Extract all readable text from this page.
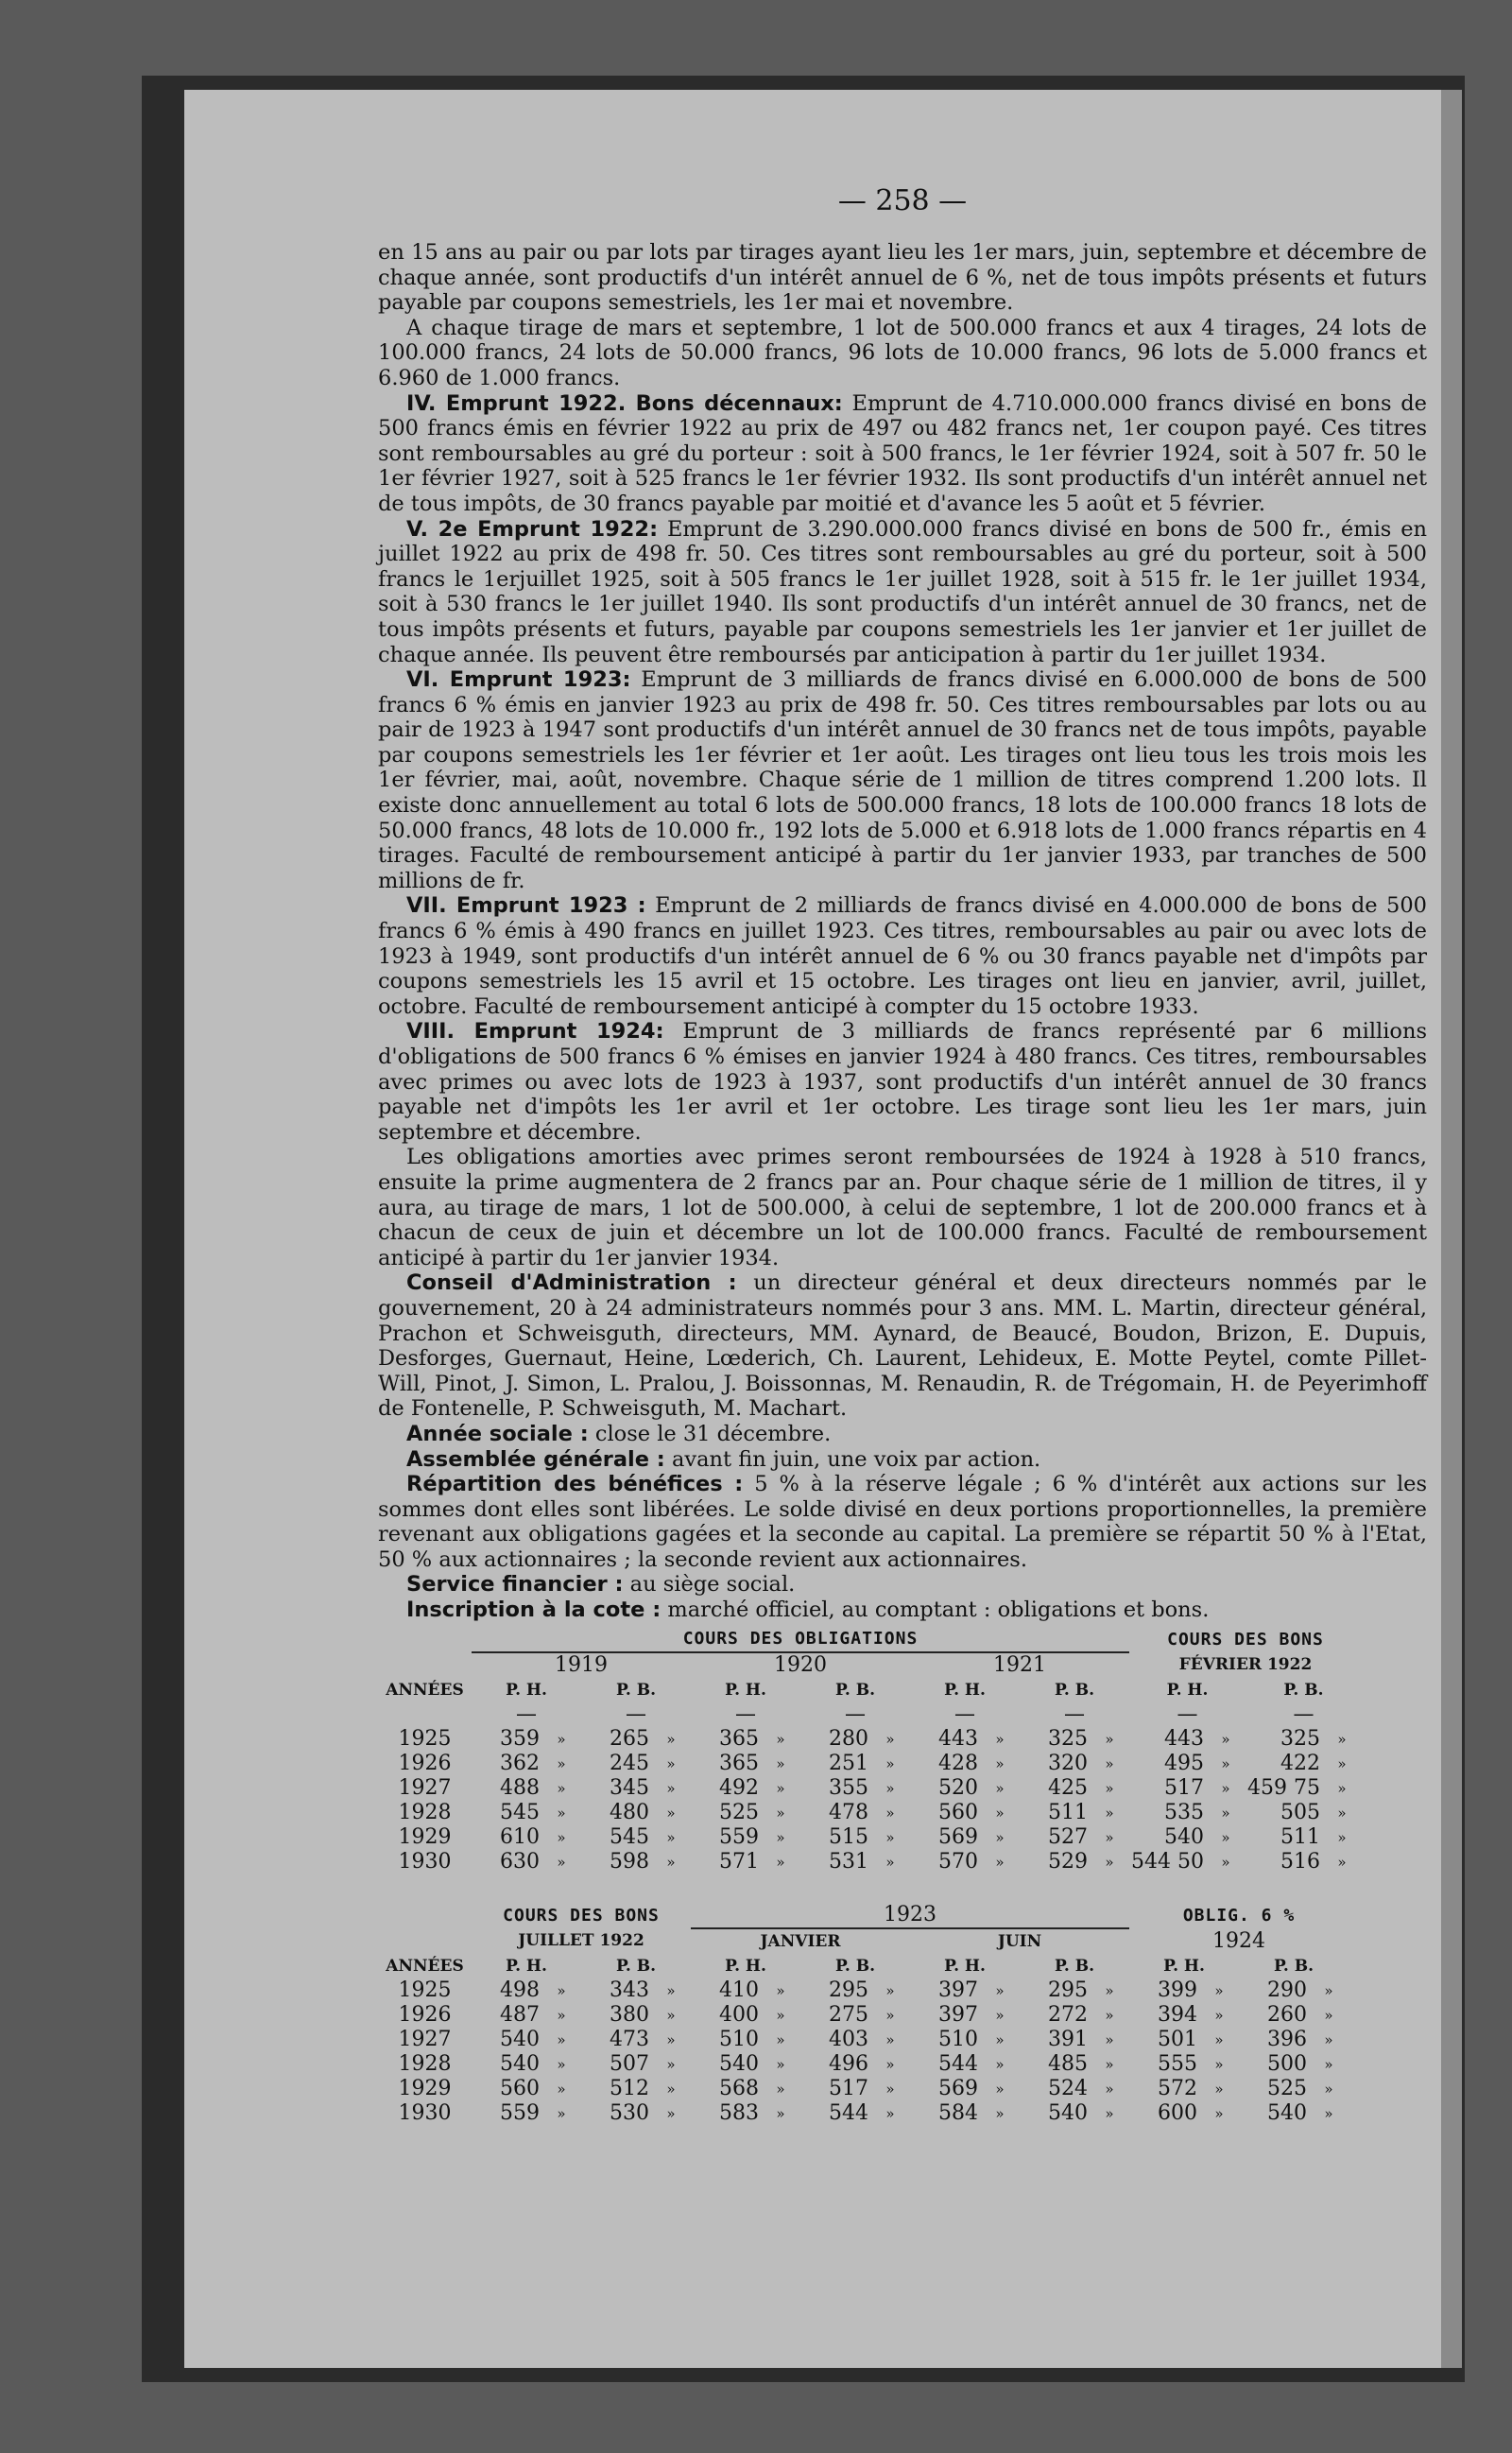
— 258 —

en 15 ans au pair ou par lots par tirages ayant lieu les 1er mars, juin, septembre et décembre de chaque année, sont productifs d'un intérêt annuel de 6 %, net de tous impôts présents et futurs payable par coupons semestriels, les 1er mai et novembre.

A chaque tirage de mars et septembre, 1 lot de 500.000 francs et aux 4 tirages, 24 lots de 100.000 francs, 24 lots de 50.000 francs, 96 lots de 10.000 francs, 96 lots de 5.000 francs et 6.960 de 1.000 francs.

IV. Emprunt 1922. Bons décennaux: Emprunt de 4.710.000.000 francs divisé en bons de 500 francs émis en février 1922 au prix de 497 ou 482 francs net, 1er coupon payé. Ces titres sont remboursables au gré du porteur : soit à 500 francs, le 1er février 1924, soit à 507 fr. 50 le 1er février 1927, soit à 525 francs le 1er février 1932. Ils sont productifs d'un intérêt annuel net de tous impôts, de 30 francs payable par moitié et d'avance les 5 août et 5 février.

V. 2e Emprunt 1922: Emprunt de 3.290.000.000 francs divisé en bons de 500 fr., émis en juillet 1922 au prix de 498 fr. 50. Ces titres sont remboursables au gré du porteur, soit à 500 francs le 1erjuillet 1925, soit à 505 francs le 1er juillet 1928, soit à 515 fr. le 1er juillet 1934, soit à 530 francs le 1er juillet 1940. Ils sont productifs d'un intérêt annuel de 30 francs, net de tous impôts présents et futurs, payable par coupons semestriels les 1er janvier et 1er juillet de chaque année. Ils peuvent être remboursés par anticipation à partir du 1er juillet 1934.

VI. Emprunt 1923: Emprunt de 3 milliards de francs divisé en 6.000.000 de bons de 500 francs 6 % émis en janvier 1923 au prix de 498 fr. 50. Ces titres remboursables par lots ou au pair de 1923 à 1947 sont productifs d'un intérêt annuel de 30 francs net de tous impôts, payable par coupons semestriels les 1er février et 1er août. Les tirages ont lieu tous les trois mois les 1er février, mai, août, novembre. Chaque série de 1 million de titres comprend 1.200 lots. Il existe donc annuellement au total 6 lots de 500.000 francs, 18 lots de 100.000 francs 18 lots de 50.000 francs, 48 lots de 10.000 fr., 192 lots de 5.000 et 6.918 lots de 1.000 francs répartis en 4 tirages. Faculté de remboursement anticipé à partir du 1er janvier 1933, par tranches de 500 millions de fr.

VII. Emprunt 1923 : Emprunt de 2 milliards de francs divisé en 4.000.000 de bons de 500 francs 6 % émis à 490 francs en juillet 1923. Ces titres, remboursables au pair ou avec lots de 1923 à 1949, sont productifs d'un intérêt annuel de 6 % ou 30 francs payable net d'impôts par coupons semestriels les 15 avril et 15 octobre. Les tirages ont lieu en janvier, avril, juillet, octobre. Faculté de remboursement anticipé à compter du 15 octobre 1933.

VIII. Emprunt 1924: Emprunt de 3 milliards de francs représenté par 6 millions d'obligations de 500 francs 6 % émises en janvier 1924 à 480 francs. Ces titres, remboursables avec primes ou avec lots de 1923 à 1937, sont productifs d'un intérêt annuel de 30 francs payable net d'impôts les 1er avril et 1er octobre. Les tirage sont lieu les 1er mars, juin septembre et décembre.

Les obligations amorties avec primes seront remboursées de 1924 à 1928 à 510 francs, ensuite la prime augmentera de 2 francs par an. Pour chaque série de 1 million de titres, il y aura, au tirage de mars, 1 lot de 500.000, à celui de septembre, 1 lot de 200.000 francs et à chacun de ceux de juin et décembre un lot de 100.000 francs. Faculté de remboursement anticipé à partir du 1er janvier 1934.

Conseil d'Administration : un directeur général et deux directeurs nommés par le gouvernement, 20 à 24 administrateurs nommés pour 3 ans. MM. L. Martin, directeur général, Prachon et Schweisguth, directeurs, MM. Aynard, de Beaucé, Boudon, Brizon, E. Dupuis, Desforges, Guernaut, Heine, Lœderich, Ch. Laurent, Lehideux, E. Motte Peytel, comte Pillet-Will, Pinot, J. Simon, L. Pralou, J. Boissonnas, M. Renaudin, R. de Trégomain, H. de Peyerimhoff de Fontenelle, P. Schweisguth, M. Machart.

Année sociale : close le 31 décembre.

Assemblée générale : avant fin juin, une voix par action.

Répartition des bénéfices : 5 % à la réserve légale ; 6 % d'intérêt aux actions sur les sommes dont elles sont libérées. Le solde divisé en deux portions proportionnelles, la première revenant aux obligations gagées et la seconde au capital. La première se répartit 50 % à l'Etat, 50 % aux actionnaires ; la seconde revient aux actionnaires.

Service financier : au siège social.

Inscription à la cote : marché officiel, au comptant : obligations et bons.

	COURS DES OBLIGATIONS												COURS DES BONS			
	1919				1920				1921				FÉVRIER 1922			
ANNÉES	P. H.		P. B.		P. H.		P. B.		P. H.		P. B.		P. H.		P. B.	
	—		—		—		—		—		—		—		—	
1925	359	»	265	»	365	»	280	»	443	»	325	»	443	»	325	»
1926	362	»	245	»	365	»	251	»	428	»	320	»	495	»	422	»
1927	488	»	345	»	492	»	355	»	520	»	425	»	517	»	459 75	»
1928	545	»	480	»	525	»	478	»	560	»	511	»	535	»	505	»
1929	610	»	545	»	559	»	515	»	569	»	527	»	540	»	511	»
1930	630	»	598	»	571	»	531	»	570	»	529	»	544 50	»	516	»
	COURS DES BONS				1923								OBLIG. 6 %			
	JUILLET 1922				JANVIER				JUIN				1924			
ANNÉES	P. H.		P. B.		P. H.		P. B.		P. H.		P. B.		P. H.		P. B.	
1925	498	»	343	»	410	»	295	»	397	»	295	»	399	»	290	»
1926	487	»	380	»	400	»	275	»	397	»	272	»	394	»	260	»
1927	540	»	473	»	510	»	403	»	510	»	391	»	501	»	396	»
1928	540	»	507	»	540	»	496	»	544	»	485	»	555	»	500	»
1929	560	»	512	»	568	»	517	»	569	»	524	»	572	»	525	»
1930	559	»	530	»	583	»	544	»	584	»	540	»	600	»	540	»
